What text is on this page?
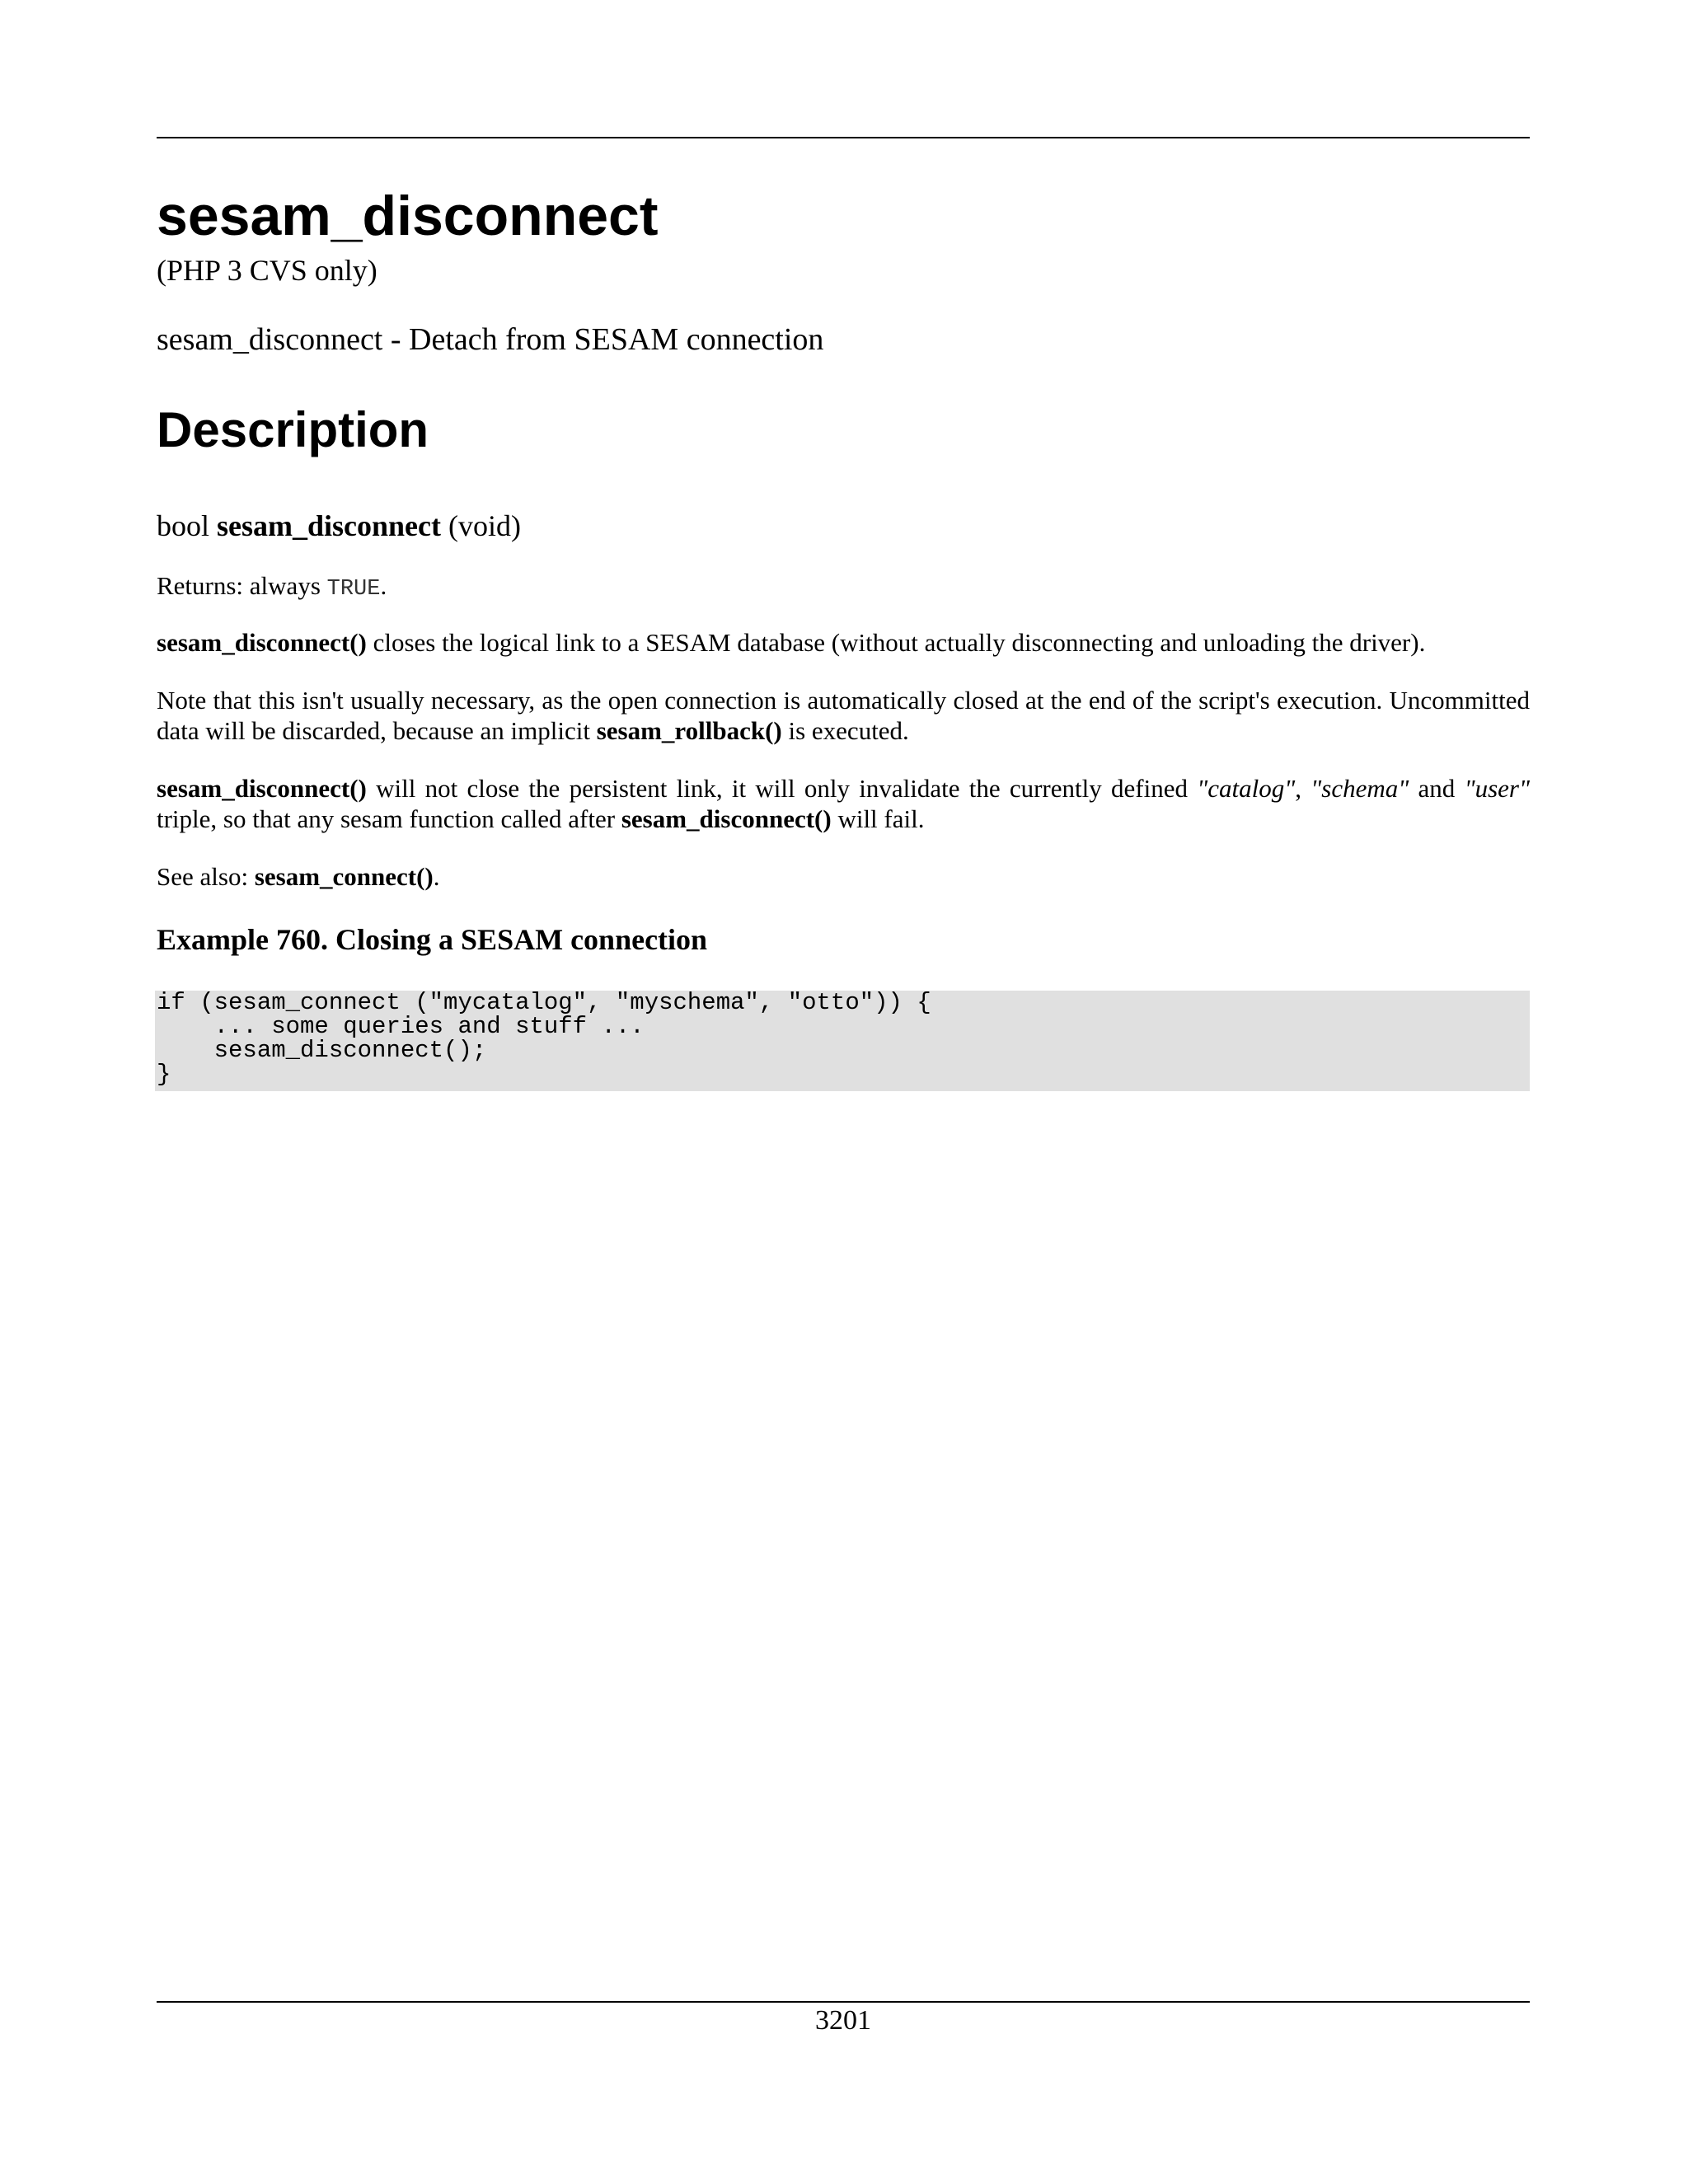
sesam_disconnect
(PHP 3 CVS only)
sesam_disconnect - Detach from SESAM connection
Description
bool sesam_disconnect (void)
Returns: always TRUE.
sesam_disconnect() closes the logical link to a SESAM database (without actually disconnecting and unloading the driver).
Note that this isn't usually necessary, as the open connection is automatically closed at the end of the script's execution. Uncommitted data will be discarded, because an implicit sesam_rollback() is executed.
sesam_disconnect() will not close the persistent link, it will only invalidate the currently defined "catalog", "schema" and "user" triple, so that any sesam function called after sesam_disconnect() will fail.
See also: sesam_connect().
Example 760. Closing a SESAM connection
if (sesam_connect ("mycatalog", "myschema", "otto")) {
... some queries and stuff ...
sesam_disconnect();
}
3201
